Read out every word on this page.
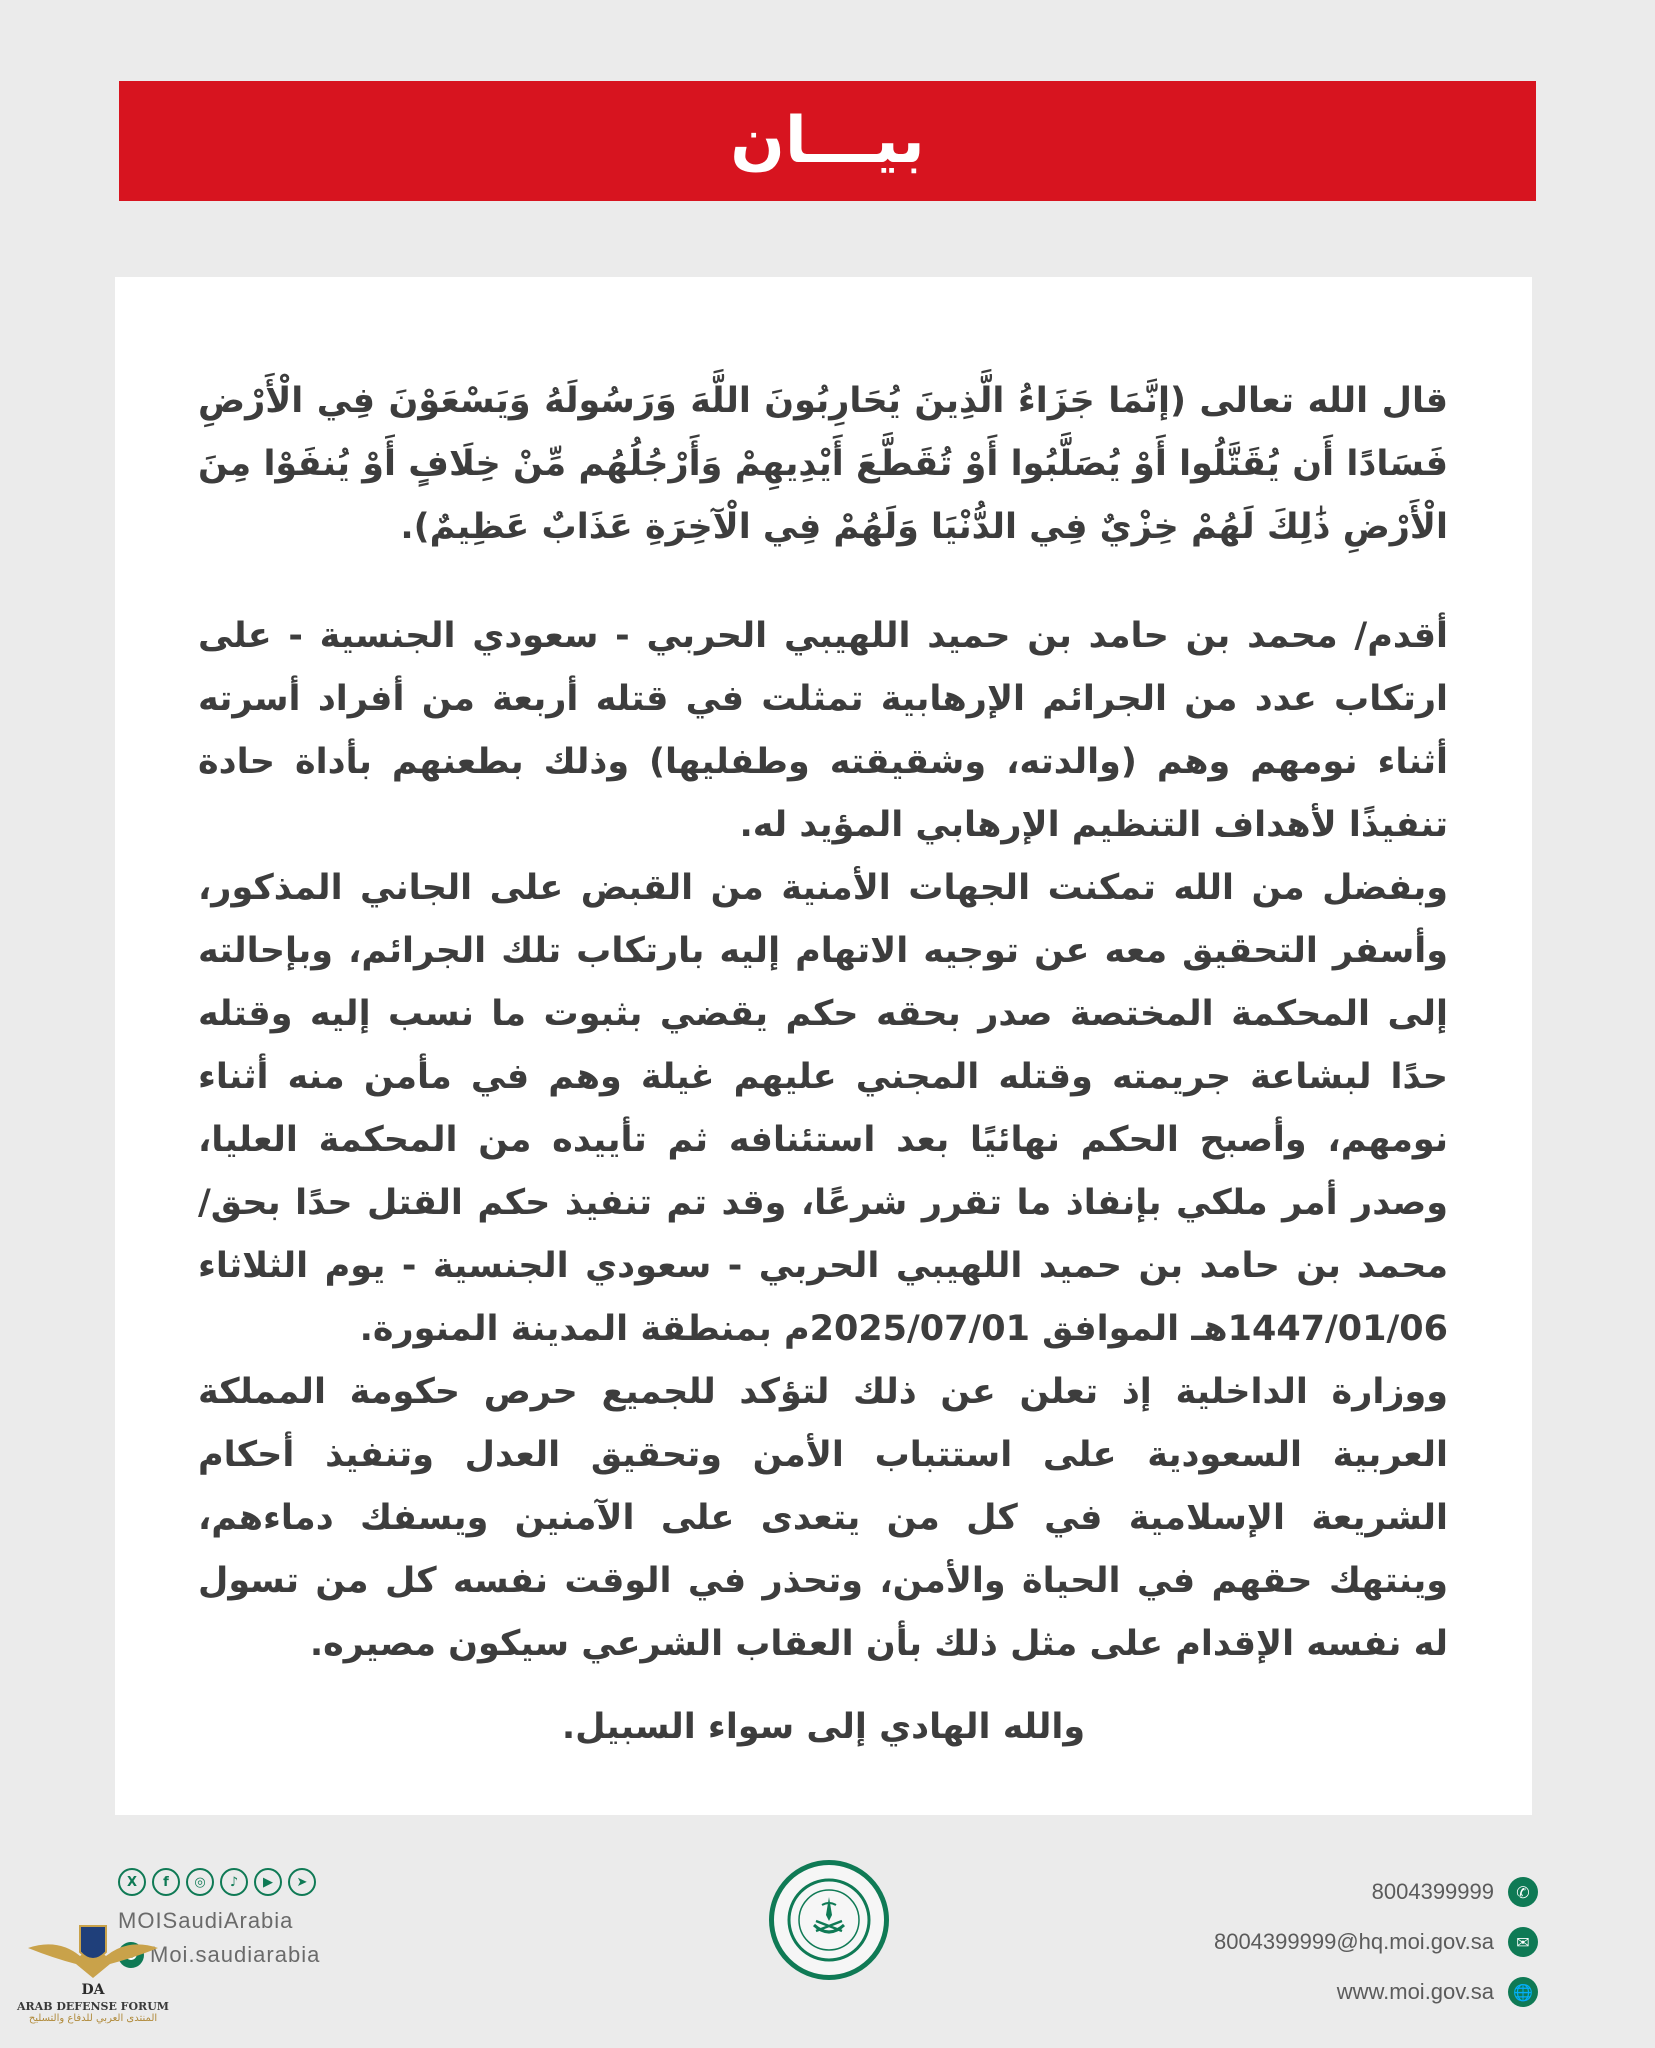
بيـــان

قال الله تعالى (إنَّمَا جَزَاءُ الَّذِينَ يُحَارِبُونَ اللَّهَ وَرَسُولَهُ وَيَسْعَوْنَ فِي الْأَرْضِ فَسَادًا أَن يُقَتَّلُوا أَوْ يُصَلَّبُوا أَوْ تُقَطَّعَ أَيْدِيهِمْ وَأَرْجُلُهُم مِّنْ خِلَافٍ أَوْ يُنفَوْا مِنَ الْأَرْضِ ذَٰلِكَ لَهُمْ خِزْيٌ فِي الدُّنْيَا وَلَهُمْ فِي الْآخِرَةِ عَذَابٌ عَظِيمٌ).

أقدم/ محمد بن حامد بن حميد اللهيبي الحربي - سعودي الجنسية - على ارتكاب عدد من الجرائم الإرهابية تمثلت في قتله أربعة من أفراد أسرته أثناء نومهم وهم (والدته، وشقيقته وطفليها) وذلك بطعنهم بأداة حادة تنفيذًا لأهداف التنظيم الإرهابي المؤيد له.

وبفضل من الله تمكنت الجهات الأمنية من القبض على الجاني المذكور، وأسفر التحقيق معه عن توجيه الاتهام إليه بارتكاب تلك الجرائم، وبإحالته إلى المحكمة المختصة صدر بحقه حكم يقضي بثبوت ما نسب إليه وقتله حدًا لبشاعة جريمته وقتله المجني عليهم غيلة وهم في مأمن منه أثناء نومهم، وأصبح الحكم نهائيًا بعد استئنافه ثم تأييده من المحكمة العليا، وصدر أمر ملكي بإنفاذ ما تقرر شرعًا، وقد تم تنفيذ حكم القتل حدًا بحق/ محمد بن حامد بن حميد اللهيبي الحربي - سعودي الجنسية - يوم الثلاثاء 1447/01/06هـ الموافق 2025/07/01م بمنطقة المدينة المنورة.

ووزارة الداخلية إذ تعلن عن ذلك لتؤكد للجميع حرص حكومة المملكة العربية السعودية على استتباب الأمن وتحقيق العدل وتنفيذ أحكام الشريعة الإسلامية في كل من يتعدى على الآمنين ويسفك دماءهم، وينتهك حقهم في الحياة والأمن، وتحذر في الوقت نفسه كل من تسول له نفسه الإقدام على مثل ذلك بأن العقاب الشرعي سيكون مصيره.

والله الهادي إلى سواء السبيل.
8004399999	✆
8004399999@hq.moi.gov.sa	✉
www.moi.gov.sa	🌐
X	f	◎	♪	▶	➤
MOISaudiArabia
Moi.saudiarabia
DA
ARAB DEFENSE FORUM
المنتدى العربي للدفاع والتسليح
